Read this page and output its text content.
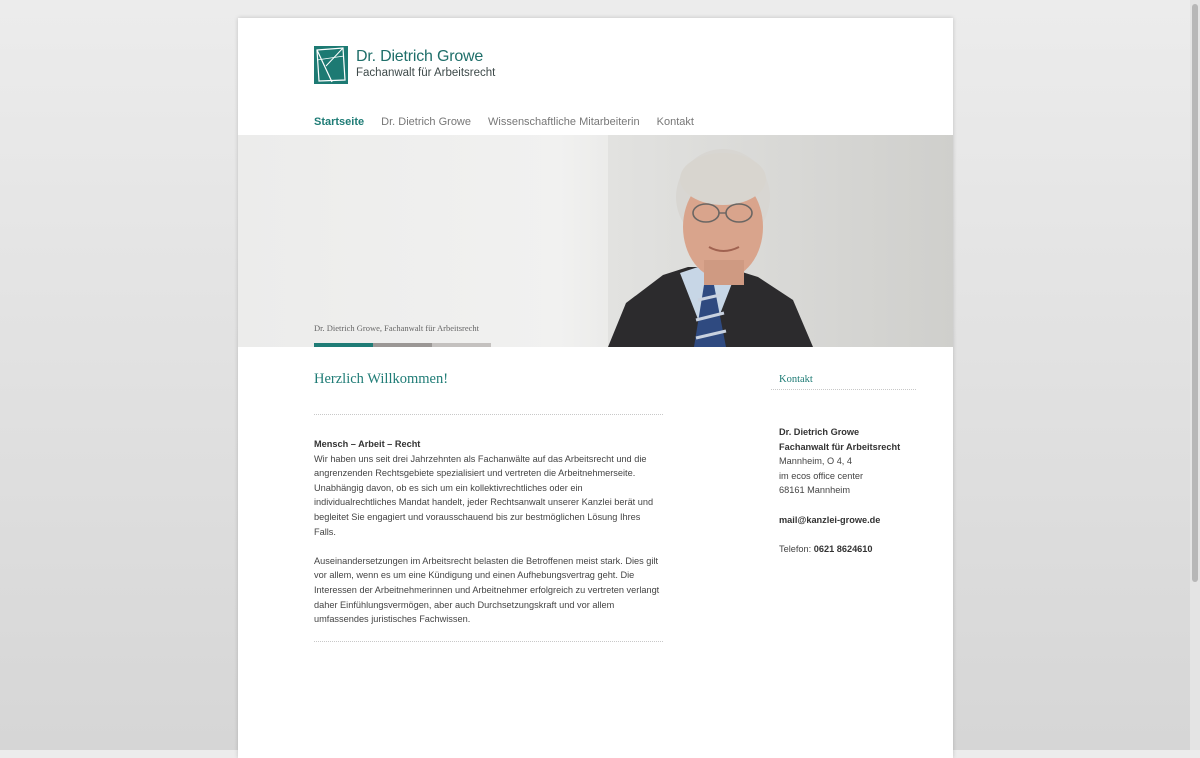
Dr. Dietrich Growe
Fachanwalt für Arbeitsrecht
Startseite Dr. Dietrich Growe Wissenschaftliche Mitarbeiterin Kontakt
Dr. Dietrich Growe, Fachanwalt für Arbeitsrecht
Herzlich Willkommen!
Mensch – Arbeit – Recht

Wir haben uns seit drei Jahrzehnten als Fachanwälte auf das Arbeitsrecht und die angrenzenden Rechtsgebiete spezialisiert und vertreten die Arbeitnehmerseite. Unabhängig davon, ob es sich um ein kollektivrechtliches oder ein individualrechtliches Mandat handelt, jeder Rechtsanwalt unserer Kanzlei berät und begleitet Sie engagiert und vorausschauend bis zur bestmöglichen Lösung Ihres Falls.

Auseinandersetzungen im Arbeitsrecht belasten die Betroffenen meist stark. Dies gilt vor allem, wenn es um eine Kündigung und einen Aufhebungsvertrag geht. Die Interessen der Arbeitnehmerinnen und Arbeitnehmer erfolgreich zu vertreten verlangt daher Einfühlungsvermögen, aber auch Durchsetzungskraft und vor allem umfassendes juristisches Fachwissen.

Kontakt
Dr. Dietrich Growe
Fachanwalt für Arbeitsrecht
Mannheim, O 4, 4
im ecos office center
68161 Mannheim

mail@kanzlei-growe.de

Telefon: 0621 8624610
